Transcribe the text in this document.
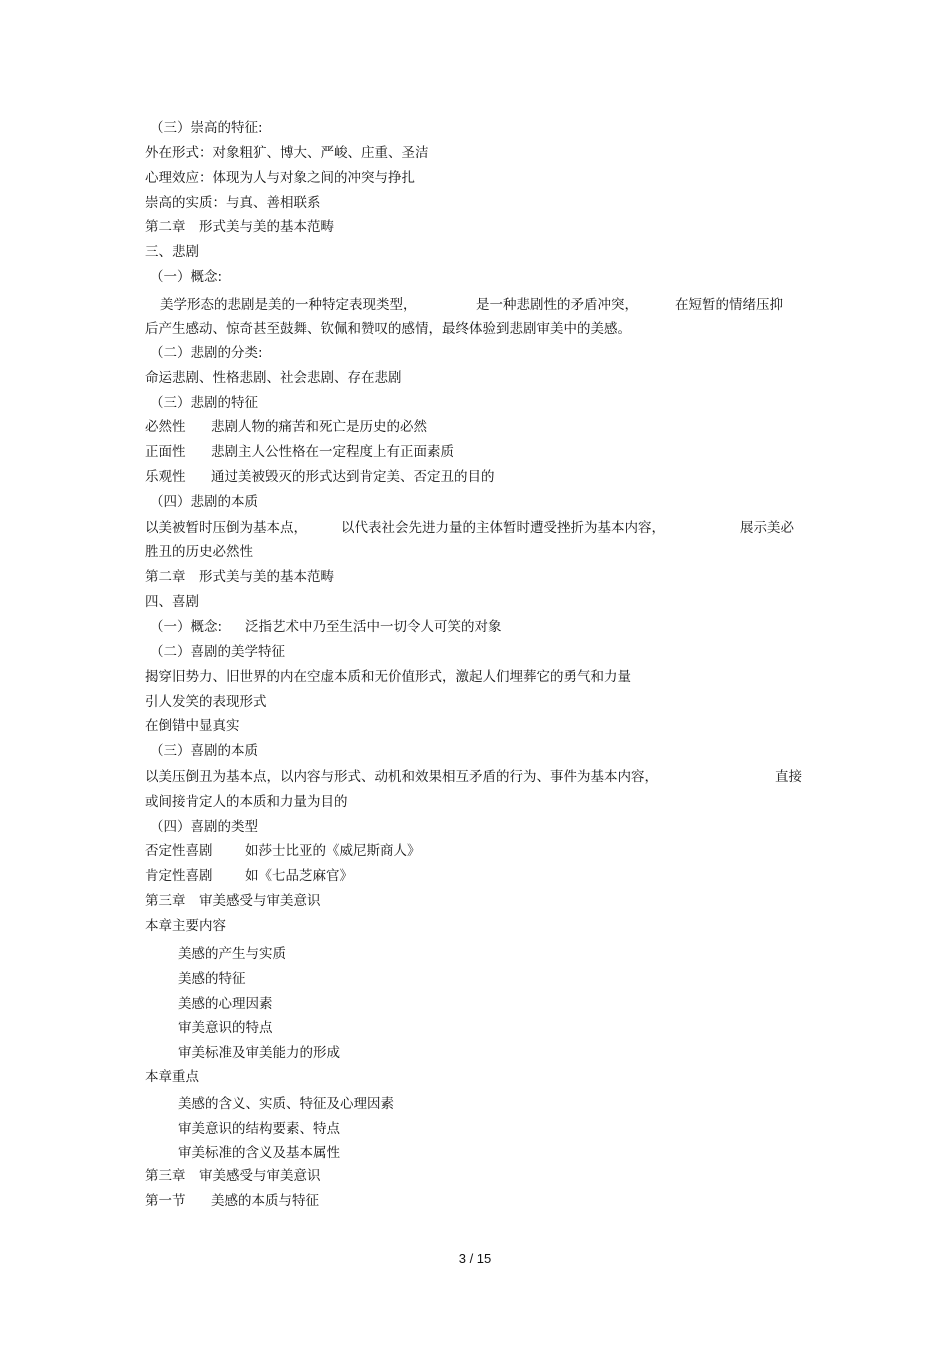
（三）崇高的特征:
外在形式：对象粗犷、博大、严峻、庄重、圣洁
心理效应：体现为人与对象之间的冲突与挣扎
崇高的实质：与真、善相联系
第二章　形式美与美的基本范畴
三、悲剧
（一）概念:
美学形态的悲剧是美的一种特定表现类型，	是一种悲剧性的矛盾冲突，	在短暂的情绪压抑
后产生感动、惊奇甚至鼓舞、钦佩和赞叹的感情，最终体验到悲剧审美中的美感。
（二）悲剧的分类:
命运悲剧、性格悲剧、社会悲剧、存在悲剧
（三）悲剧的特征
必然性 悲剧人物的痛苦和死亡是历史的必然
正面性 悲剧主人公性格在一定程度上有正面素质
乐观性 通过美被毁灭的形式达到肯定美、否定丑的目的
（四）悲剧的本质
以美被暂时压倒为基本点，	以代表社会先进力量的主体暂时遭受挫折为基本内容，	展示美必
胜丑的历史必然性
第二章　形式美与美的基本范畴
四、喜剧
（一）概念: 泛指艺术中乃至生活中一切令人可笑的对象
（二）喜剧的美学特征
揭穿旧势力、旧世界的内在空虚本质和无价值形式，激起人们埋葬它的勇气和力量
引人发笑的表现形式
在倒错中显真实
（三）喜剧的本质
以美压倒丑为基本点，以内容与形式、动机和效果相互矛盾的行为、事件为基本内容，	直接
或间接肯定人的本质和力量为目的
（四）喜剧的类型
否定性喜剧 如莎士比亚的《威尼斯商人》
肯定性喜剧 如《七品芝麻官》
第三章　审美感受与审美意识
本章主要内容
美感的产生与实质
美感的特征
美感的心理因素
审美意识的特点
审美标准及审美能力的形成
本章重点
美感的含义、实质、特征及心理因素
审美意识的结构要素、特点
审美标准的含义及基本属性
第三章　审美感受与审美意识
第一节 美感的本质与特征
3 / 15
